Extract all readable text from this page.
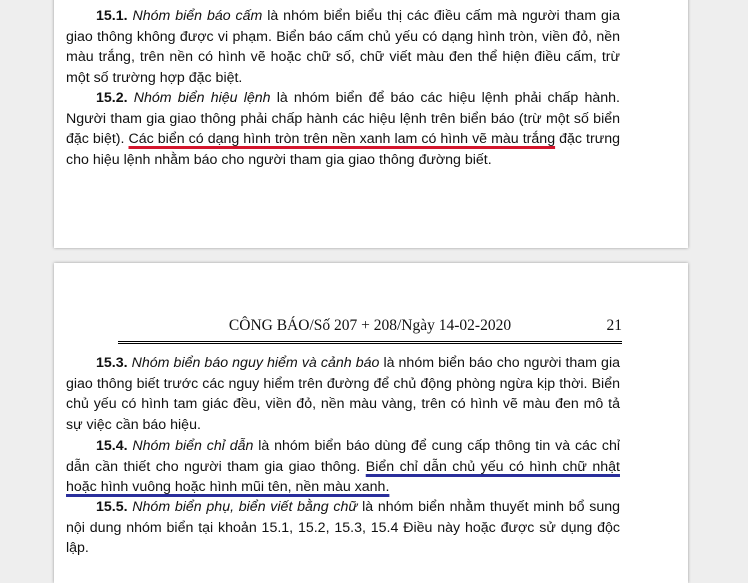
15.1. Nhóm biển báo cấm là nhóm biển biểu thị các điều cấm mà người tham gia giao thông không được vi phạm. Biển báo cấm chủ yếu có dạng hình tròn, viền đỏ, nền màu trắng, trên nền có hình vẽ hoặc chữ số, chữ viết màu đen thể hiện điều cấm, trừ một số trường hợp đặc biệt.

15.2. Nhóm biển hiệu lệnh là nhóm biển để báo các hiệu lệnh phải chấp hành. Người tham gia giao thông phải chấp hành các hiệu lệnh trên biển báo (trừ một số biển đặc biệt). Các biển có dạng hình tròn trên nền xanh lam có hình vẽ màu trắng đặc trưng cho hiệu lệnh nhằm báo cho người tham gia giao thông đường biết.

CÔNG BÁO/Số 207 + 208/Ngày 14-02-2020	21

15.3. Nhóm biển báo nguy hiểm và cảnh báo là nhóm biển báo cho người tham gia giao thông biết trước các nguy hiểm trên đường để chủ động phòng ngừa kịp thời. Biển chủ yếu có hình tam giác đều, viền đỏ, nền màu vàng, trên có hình vẽ màu đen mô tả sự việc cần báo hiệu.

15.4. Nhóm biển chỉ dẫn là nhóm biển báo dùng để cung cấp thông tin và các chỉ dẫn cần thiết cho người tham gia giao thông. Biển chỉ dẫn chủ yếu có hình chữ nhật hoặc hình vuông hoặc hình mũi tên, nền màu xanh.

15.5. Nhóm biển phụ, biển viết bằng chữ là nhóm biển nhằm thuyết minh bổ sung nội dung nhóm biển tại khoản 15.1, 15.2, 15.3, 15.4 Điều này hoặc được sử dụng độc lập.
